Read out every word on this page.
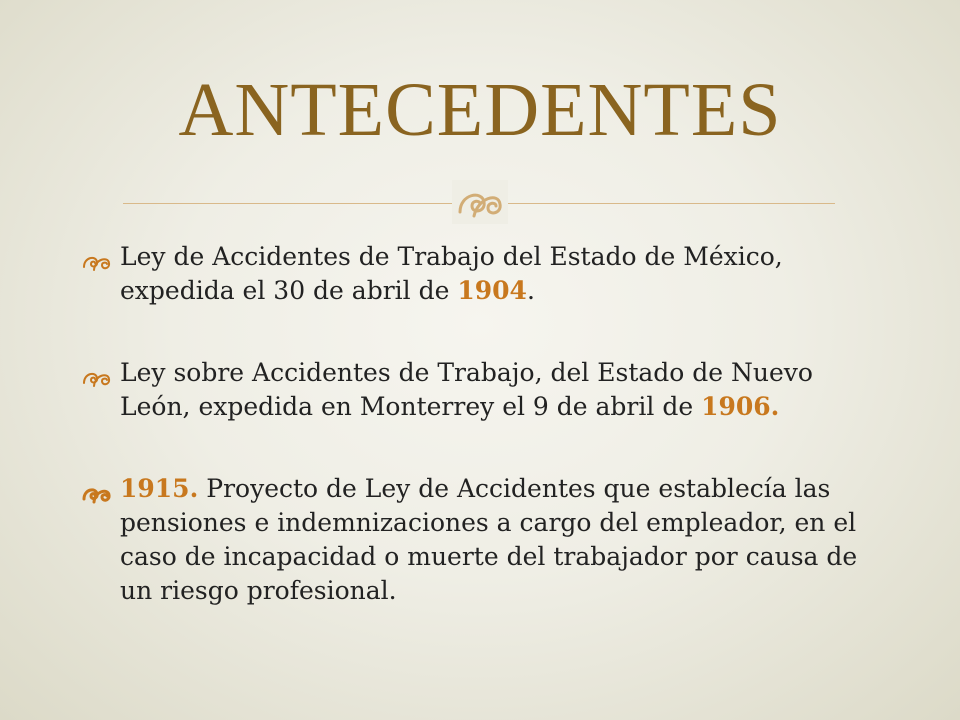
ANTECEDENTES
Ley de Accidentes de Trabajo del Estado de México, expedida el 30 de abril de 1904.
Ley sobre Accidentes de Trabajo, del Estado de Nuevo León, expedida en Monterrey el 9 de abril de 1906.
1915. Proyecto de Ley de Accidentes que establecía las pensiones e indemnizaciones a cargo del empleador, en el caso de incapacidad o muerte del trabajador por causa de un riesgo profesional.
